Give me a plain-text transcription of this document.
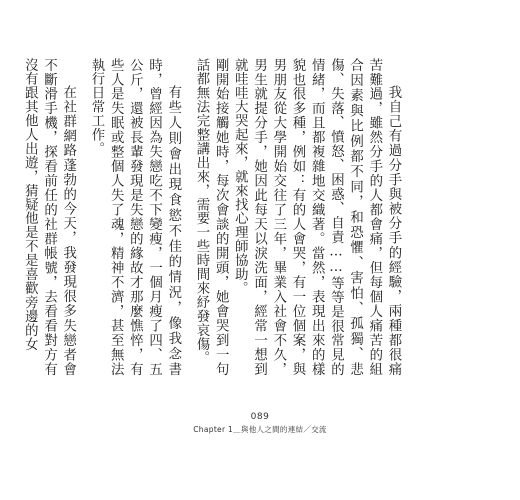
我自己有過分手與被分手的經驗，兩種都很痛苦難過，雖然分手的人都會痛，但每個人痛苦的組合因素與比例都不同，和恐懼、害怕、孤獨、悲傷、失落、憤怒、困惑、自責……等等是很常見的情緒，而且都複雜地交織著。當然，表現出來的樣貌也很多種，例如：有的人會哭，有一位個案，與男朋友從大學開始交往了三年，畢業入社會不久，男生就提分手，她因此每天以淚洗面，經常一想到就哇哇大哭起來，就來找心理師協助。

剛開始接觸她時，每次會談的開頭，她會哭到一句話都無法完整講出來，需要一些時間來紓發哀傷。

有些人則會出現食慾不佳的情況，像我念書時，曾經因為失戀吃不下變瘦，一個月瘦了四、五公斤，還被長輩發現是失戀的緣故才那麼憔悴，有些人是失眠或整個人失了魂，精神不濟，甚至無法執行日常工作。

在社群網路蓬勃的今天，我發現很多失戀者會不斷滑手機，探看前任的社群帳號，去看看對方有沒有跟其他人出遊，猜疑他是不是喜歡旁邊的女

089
Chapter 1＿與他人之間的連結／交流
